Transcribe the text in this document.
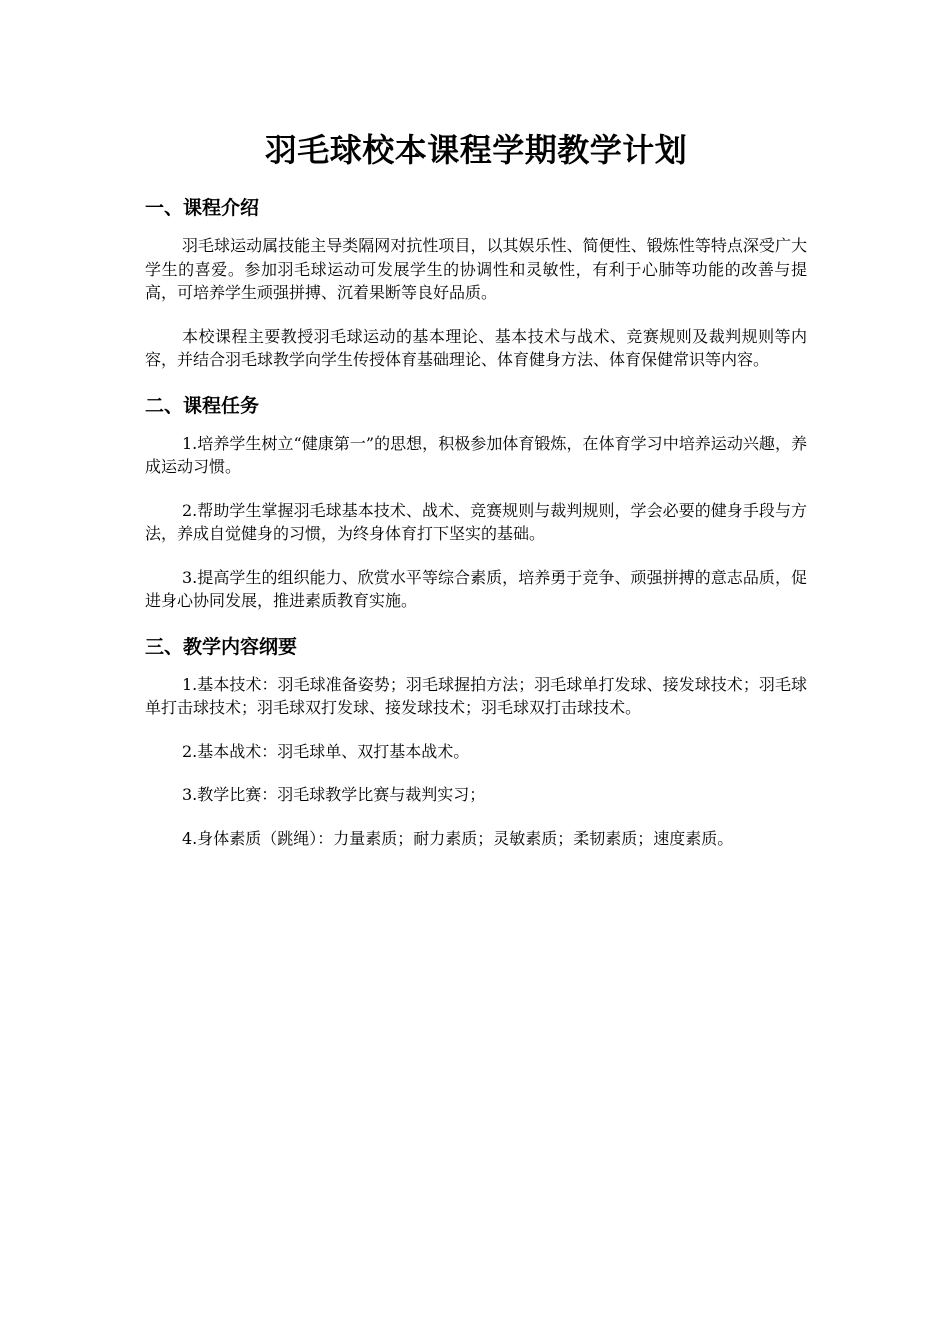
羽毛球校本课程学期教学计划
一、课程介绍

羽毛球运动属技能主导类隔网对抗性项目，以其娱乐性、简便性、锻炼性等特点深受广大学生的喜爱。参加羽毛球运动可发展学生的协调性和灵敏性，有利于心肺等功能的改善与提高，可培养学生顽强拼搏、沉着果断等良好品质。

本校课程主要教授羽毛球运动的基本理论、基本技术与战术、竞赛规则及裁判规则等内容，并结合羽毛球教学向学生传授体育基础理论、体育健身方法、体育保健常识等内容。

二、课程任务

1.培养学生树立“健康第一”的思想，积极参加体育锻炼，在体育学习中培养运动兴趣，养成运动习惯。

2.帮助学生掌握羽毛球基本技术、战术、竞赛规则与裁判规则，学会必要的健身手段与方法，养成自觉健身的习惯，为终身体育打下坚实的基础。

3.提高学生的组织能力、欣赏水平等综合素质，培养勇于竞争、顽强拼搏的意志品质，促进身心协同发展，推进素质教育实施。

三、教学内容纲要

1.基本技术：羽毛球准备姿势；羽毛球握拍方法；羽毛球单打发球、接发球技术；羽毛球单打击球技术；羽毛球双打发球、接发球技术；羽毛球双打击球技术。

2.基本战术：羽毛球单、双打基本战术。

3.教学比赛：羽毛球教学比赛与裁判实习；

4.身体素质（跳绳）：力量素质；耐力素质；灵敏素质；柔韧素质；速度素质。
